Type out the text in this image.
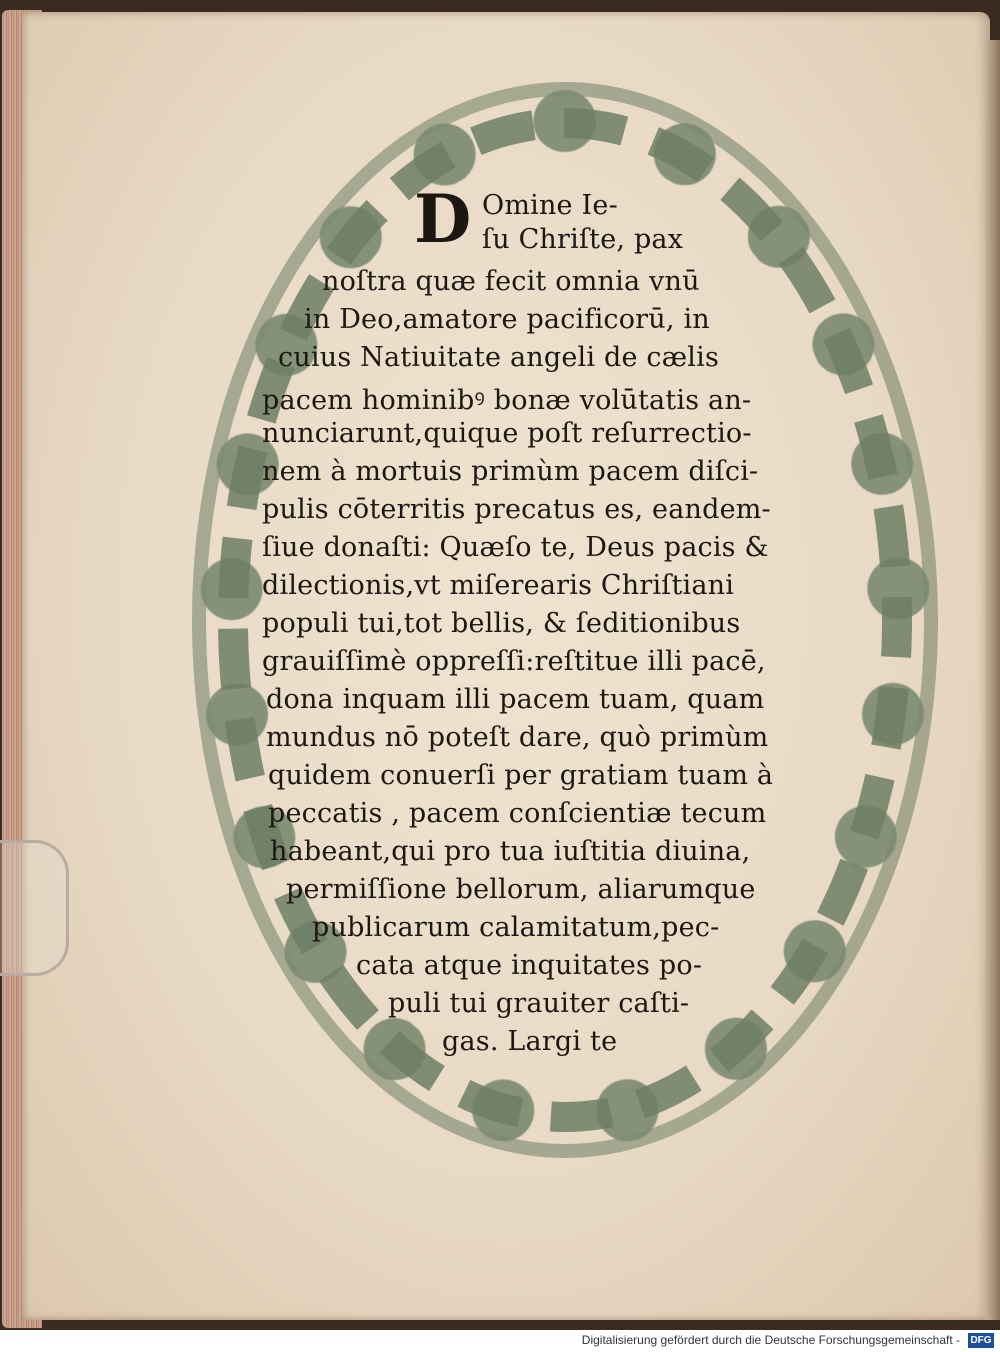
D Omine Ie-
ſu Chriſte, pax
noſtra quæ fecit omnia vnū
in Deo,amatore pacificorū, in
cuius Natiuitate angeli de cælis
pacem hominibꝰ bonæ volūtatis an-
nunciarunt,quique poſt reſurrectio-
nem à mortuis primùm pacem diſci-
pulis cōterritis precatus es, eandem-
ſiue donaſti: Quæſo te, Deus pacis &
dilectionis,vt miſerearis Chriſtiani
populi tui,tot bellis, & ſeditionibus
grauiſſimè oppreſſi:reſtitue illi pacē,
dona inquam illi pacem tuam, quam
mundus nō poteſt dare, quò primùm
quidem conuerſi per gratiam tuam à
peccatis , pacem conſcientiæ tecum
habeant,qui pro tua iuſtitia diuina,
permiſſione bellorum, aliarumque
publicarum calamitatum,pec-
cata atque inquitates po-
puli tui grauiter caſti-
gas. Largi te
Digitalisierung gefördert durch die Deutsche Forschungsgemeinschaft - DFG
